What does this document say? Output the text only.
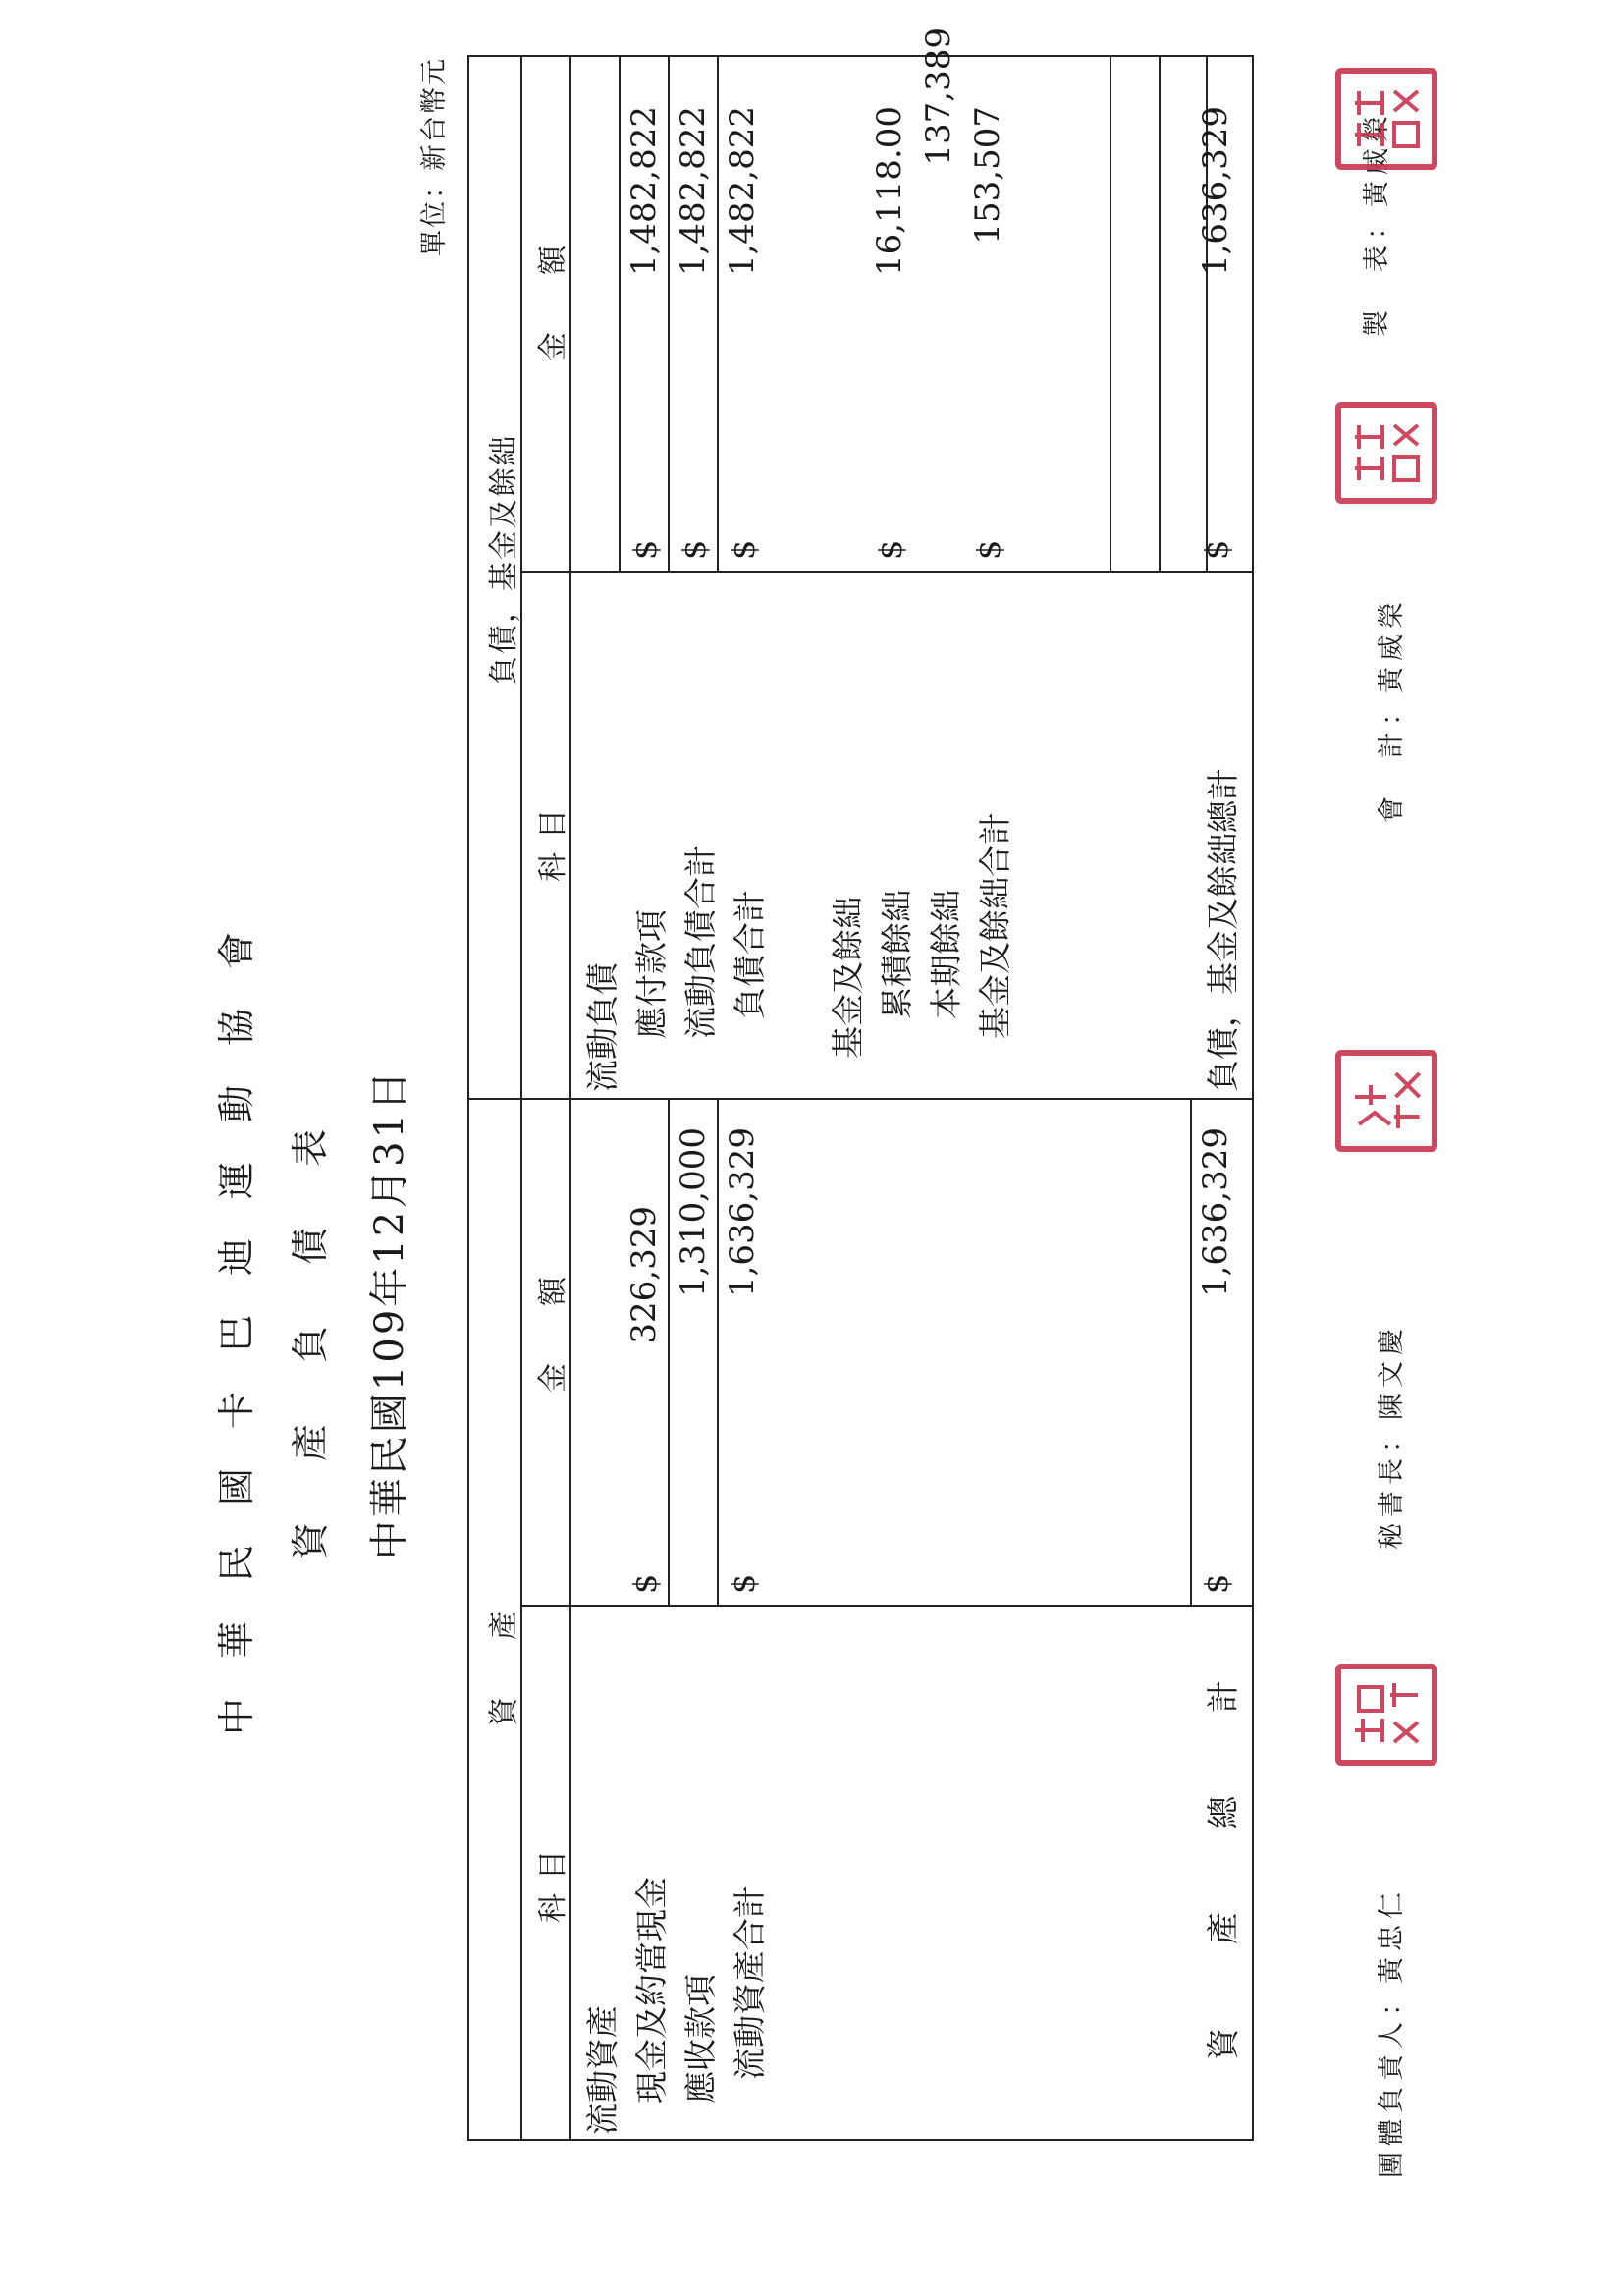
中華民國卡巴迪運動協會 資產負債表 中華民國109年12月31日
單位：新台幣元
資　產
負債，基金及餘絀
科目
金　額
科目
金　額
流動資產 現金及約當現金
$
326,329
應收款項
1,310,000
流動資產合計
$
1,636,329
資　產　總　計
$
1,636,329
流動負債 應付款項
$
1,482,822
流動負債合計
$
1,482,822
負債合計
$
1,482,822
基金及餘絀 累積餘絀
$
16,118.00
本期餘絀
137,389
基金及餘絀合計
$
153,507
負債，基金及餘絀總計
$
1,636,329
團體負責人：黃忠仁
秘書長：陳文慶
會　計：黃威榮
製　表：黃威榮
